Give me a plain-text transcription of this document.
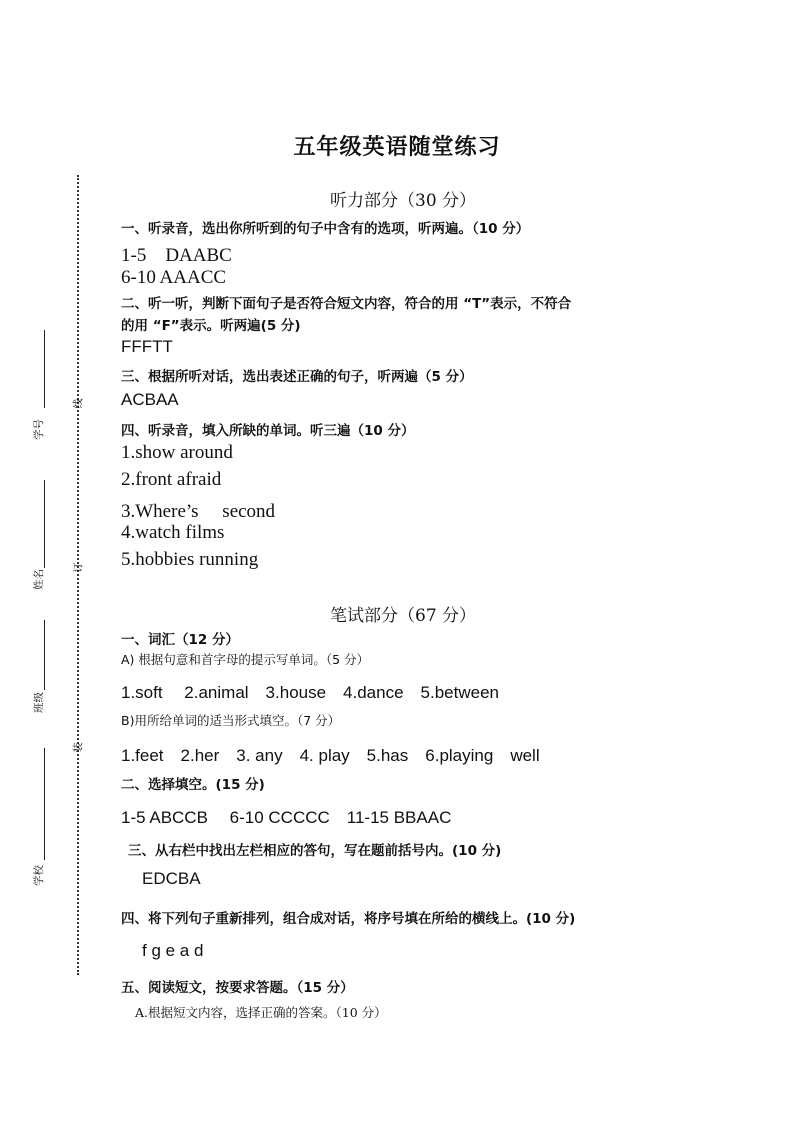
线
订
装
学号
姓名
班级
学校
五年级英语随堂练习
听力部分（30 分）
一、听录音，选出你所听到的句子中含有的选项，听两遍。（10 分）
1-5　DAABC
6-10 AAACC
二、听一听，判断下面句子是否符合短文内容，符合的用 “T”表示，不符合
的用 “F”表示。听两遍(5 分)
FFFTT
三、根据所听对话，选出表述正确的句子，听两遍（5 分）
ACBAA
四、听录音，填入所缺的单词。听三遍（10 分）
1.show around
2.front afraid
3.Where’s　 second
4.watch films
5.hobbies running
笔试部分（67 分）
一、词汇（12 分）
A) 根据句意和首字母的提示写单词。（5 分）
1.soft　 2.animal　3.house　4.dance　5.between
B)用所给单词的适当形式填空。（7 分）
1.feet　2.her　3. any　4. play　5.has　6.playing　well
二、选择填空。(15 分)
1-5 ABCCB　 6-10 CCCCC　11-15 BBAAC
三、从右栏中找出左栏相应的答句，写在题前括号内。(10 分)
EDCBA
四、将下列句子重新排列，组合成对话，将序号填在所给的横线上。(10 分)
f g e a d
五、阅读短文，按要求答题。（15 分）
A.根据短文内容，选择正确的答案。（10 分）
